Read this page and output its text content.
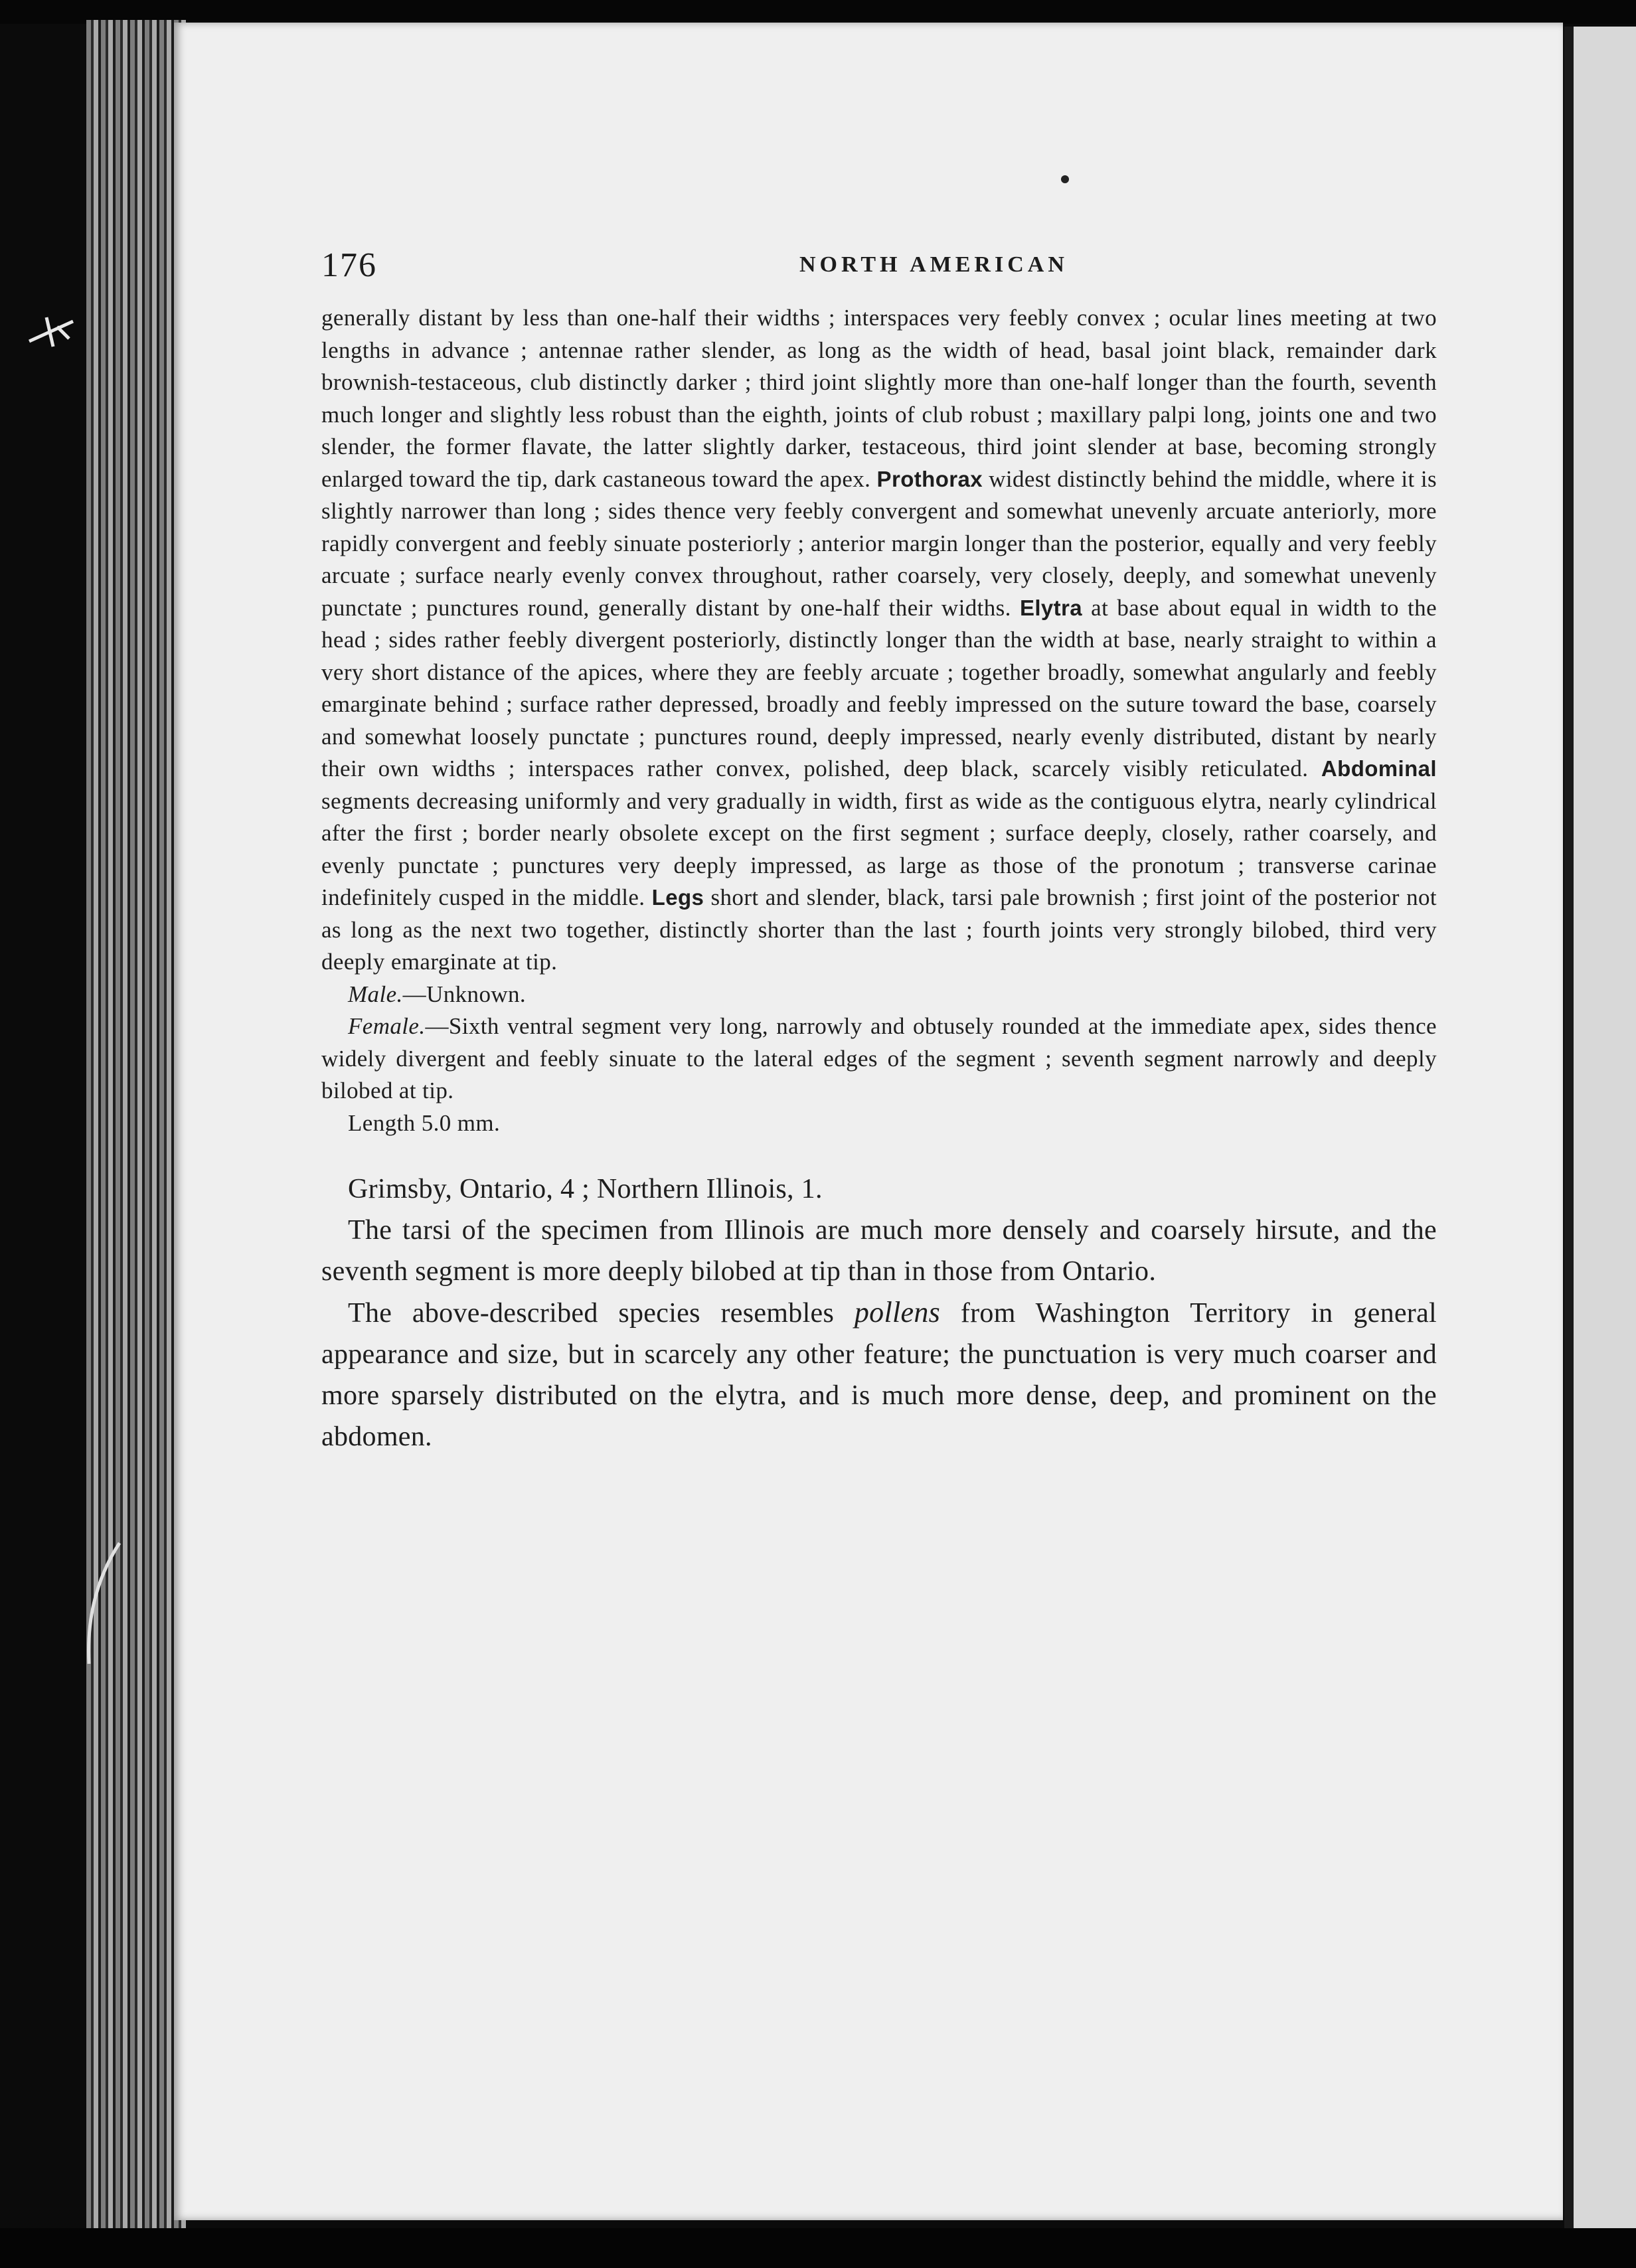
176	NORTH AMERICAN

generally distant by less than one-half their widths ; interspaces very feebly convex ; ocular lines meeting at two lengths in advance ; antennae rather slender, as long as the width of head, basal joint black, remainder dark brownish-testaceous, club distinctly darker ; third joint slightly more than one-half longer than the fourth, seventh much longer and slightly less robust than the eighth, joints of club robust ; maxillary palpi long, joints one and two slender, the former flavate, the latter slightly darker, testaceous, third joint slender at base, becoming strongly enlarged toward the tip, dark castaneous toward the apex. Prothorax widest distinctly behind the middle, where it is slightly narrower than long ; sides thence very feebly convergent and somewhat unevenly arcuate anteriorly, more rapidly convergent and feebly sinuate posteriorly ; anterior margin longer than the posterior, equally and very feebly arcuate ; surface nearly evenly convex throughout, rather coarsely, very closely, deeply, and somewhat unevenly punctate ; punctures round, generally distant by one-half their widths. Elytra at base about equal in width to the head ; sides rather feebly divergent posteriorly, distinctly longer than the width at base, nearly straight to within a very short distance of the apices, where they are feebly arcuate ; together broadly, somewhat angularly and feebly emarginate behind ; surface rather depressed, broadly and feebly impressed on the suture toward the base, coarsely and somewhat loosely punctate ; punctures round, deeply impressed, nearly evenly distributed, distant by nearly their own widths ; interspaces rather convex, polished, deep black, scarcely visibly reticulated. Abdominal segments decreasing uniformly and very gradually in width, first as wide as the contiguous elytra, nearly cylindrical after the first ; border nearly obsolete except on the first segment ; surface deeply, closely, rather coarsely, and evenly punctate ; punctures very deeply impressed, as large as those of the pronotum ; transverse carinae indefinitely cusped in the middle. Legs short and slender, black, tarsi pale brownish ; first joint of the posterior not as long as the next two together, distinctly shorter than the last ; fourth joints very strongly bilobed, third very deeply emarginate at tip.

Male.—Unknown.

Female.—Sixth ventral segment very long, narrowly and obtusely rounded at the immediate apex, sides thence widely divergent and feebly sinuate to the lateral edges of the segment ; seventh segment narrowly and deeply bilobed at tip.

Length 5.0 mm.

Grimsby, Ontario, 4 ; Northern Illinois, 1.

The tarsi of the specimen from Illinois are much more densely and coarsely hirsute, and the seventh segment is more deeply bilobed at tip than in those from Ontario.

The above-described species resembles pollens from Washington Territory in general appearance and size, but in scarcely any other feature; the punctuation is very much coarser and more sparsely distributed on the elytra, and is much more dense, deep, and prominent on the abdomen.
